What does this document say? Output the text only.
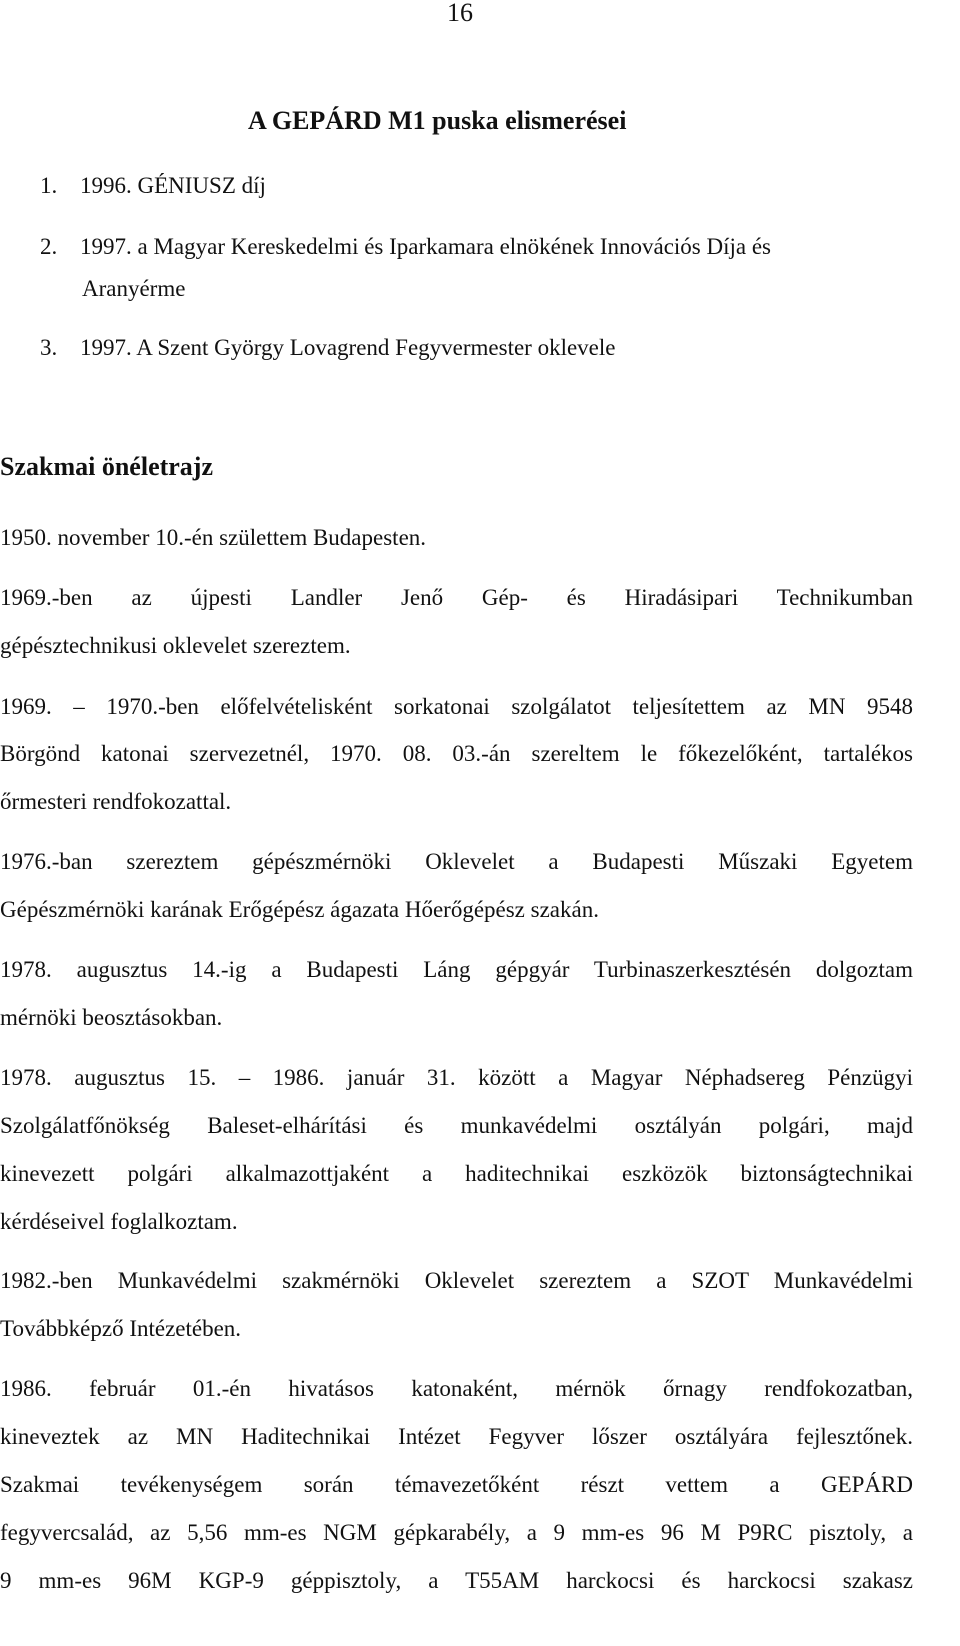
16
A GEPÁRD M1 puska elismerései
1. 1996. GÉNIUSZ díj
2. 1997. a Magyar Kereskedelmi és Iparkamara elnökének Innovációs Díja és
Aranyérme
3. 1997. A Szent György Lovagrend Fegyvermester oklevele
Szakmai önéletrajz
1950. november 10.-én születtem Budapesten.
1969.-ben az újpesti Landler Jenő Gép- és Hiradásipari Technikumban
gépésztechnikusi oklevelet szereztem.
1969. – 1970.-ben előfelvételisként sorkatonai szolgálatot teljesítettem az MN 9548
Börgönd katonai szervezetnél, 1970. 08. 03.-án szereltem le főkezelőként, tartalékos
őrmesteri rendfokozattal.
1976.-ban szereztem gépészmérnöki Oklevelet a Budapesti Műszaki Egyetem
Gépészmérnöki karának Erőgépész ágazata Hőerőgépész szakán.
1978. augusztus 14.-ig a Budapesti Láng gépgyár Turbinaszerkesztésén dolgoztam
mérnöki beosztásokban.
1978. augusztus 15. – 1986. január 31. között a Magyar Néphadsereg Pénzügyi
Szolgálatfőnökség Baleset-elhárítási és munkavédelmi osztályán polgári, majd
kinevezett polgári alkalmazottjaként a haditechnikai eszközök biztonságtechnikai
kérdéseivel foglalkoztam.
1982.-ben Munkavédelmi szakmérnöki Oklevelet szereztem a SZOT Munkavédelmi
Továbbképző Intézetében.
1986. február 01.-én hivatásos katonaként, mérnök őrnagy rendfokozatban,
kineveztek az MN Haditechnikai Intézet Fegyver lőszer osztályára fejlesztőnek.
Szakmai tevékenységem során témavezetőként részt vettem a GEPÁRD
fegyvercsalád, az 5,56 mm-es NGM gépkarabély, a 9 mm-es 96 M P9RC pisztoly, a
9 mm-es 96M KGP-9 géppisztoly, a T55AM harckocsi és harckocsi szakasz
